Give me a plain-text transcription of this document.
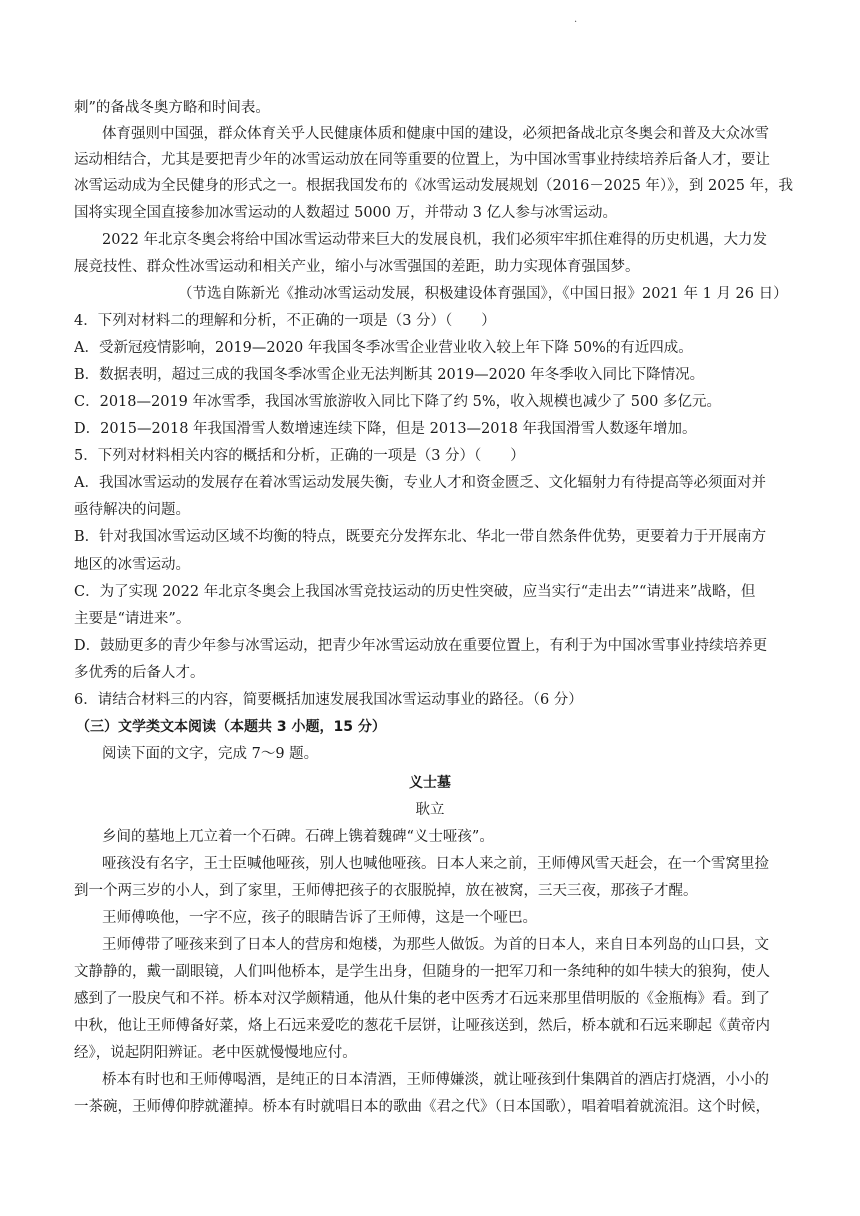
.
刺”的备战冬奥方略和时间表。
体育强则中国强，群众体育关乎人民健康体质和健康中国的建设，必须把备战北京冬奥会和普及大众冰雪
运动相结合，尤其是要把青少年的冰雪运动放在同等重要的位置上，为中国冰雪事业持续培养后备人才，要让
冰雪运动成为全民健身的形式之一。根据我国发布的《冰雪运动发展规划（2016－2025 年）》，到 2025 年，我
国将实现全国直接参加冰雪运动的人数超过 5000 万，并带动 3 亿人参与冰雪运动。
2022 年北京冬奥会将给中国冰雪运动带来巨大的发展良机，我们必须牢牢抓住难得的历史机遇，大力发
展竞技性、群众性冰雪运动和相关产业，缩小与冰雪强国的差距，助力实现体育强国梦。
（节选自陈新光《推动冰雪运动发展，积极建设体育强国》，《中国日报》2021 年 1 月 26 日）
4．下列对材料二的理解和分析，不正确的一项是（3 分）（　　）
A．受新冠疫情影响，2019—2020 年我国冬季冰雪企业营业收入较上年下降 50%的有近四成。
B．数据表明，超过三成的我国冬季冰雪企业无法判断其 2019—2020 年冬季收入同比下降情况。
C．2018—2019 年冰雪季，我国冰雪旅游收入同比下降了约 5%，收入规模也减少了 500 多亿元。
D．2015—2018 年我国滑雪人数增速连续下降，但是 2013—2018 年我国滑雪人数逐年增加。
5．下列对材料相关内容的概括和分析，正确的一项是（3 分）（　　）
A．我国冰雪运动的发展存在着冰雪运动发展失衡，专业人才和资金匮乏、文化辐射力有待提高等必须面对并
亟待解决的问题。
B．针对我国冰雪运动区域不均衡的特点，既要充分发挥东北、华北一带自然条件优势，更要着力于开展南方
地区的冰雪运动。
C．为了实现 2022 年北京冬奥会上我国冰雪竞技运动的历史性突破，应当实行“走出去”“请进来”战略，但
主要是“请进来”。
D．鼓励更多的青少年参与冰雪运动，把青少年冰雪运动放在重要位置上，有利于为中国冰雪事业持续培养更
多优秀的后备人才。
6．请结合材料三的内容，简要概括加速发展我国冰雪运动事业的路径。（6 分）
（三）文学类文本阅读（本题共 3 小题，15 分）
阅读下面的文字，完成 7～9 题。
义士墓
耿立
乡间的墓地上兀立着一个石碑。石碑上镌着魏碑“义士哑孩”。
哑孩没有名字，王士臣喊他哑孩，别人也喊他哑孩。日本人来之前，王师傅风雪天赶会，在一个雪窝里捡
到一个两三岁的小人，到了家里，王师傅把孩子的衣服脱掉，放在被窝，三天三夜，那孩子才醒。
王师傅唤他，一字不应，孩子的眼睛告诉了王师傅，这是一个哑巴。
王师傅带了哑孩来到了日本人的营房和炮楼，为那些人做饭。为首的日本人，来自日本列岛的山口县，文
文静静的，戴一副眼镜，人们叫他桥本，是学生出身，但随身的一把军刀和一条纯种的如牛犊大的狼狗，使人
感到了一股戾气和不祥。桥本对汉学颇精通，他从什集的老中医秀才石远来那里借明版的《金瓶梅》看。到了
中秋，他让王师傅备好菜，烙上石远来爱吃的葱花千层饼，让哑孩送到，然后，桥本就和石远来聊起《黄帝内
经》，说起阴阳辨证。老中医就慢慢地应付。
桥本有时也和王师傅喝酒，是纯正的日本清酒，王师傅嫌淡，就让哑孩到什集隅首的酒店打烧酒，小小的
一茶碗，王师傅仰脖就灌掉。桥本有时就唱日本的歌曲《君之代》（日本国歌），唱着唱着就流泪。这个时候，
